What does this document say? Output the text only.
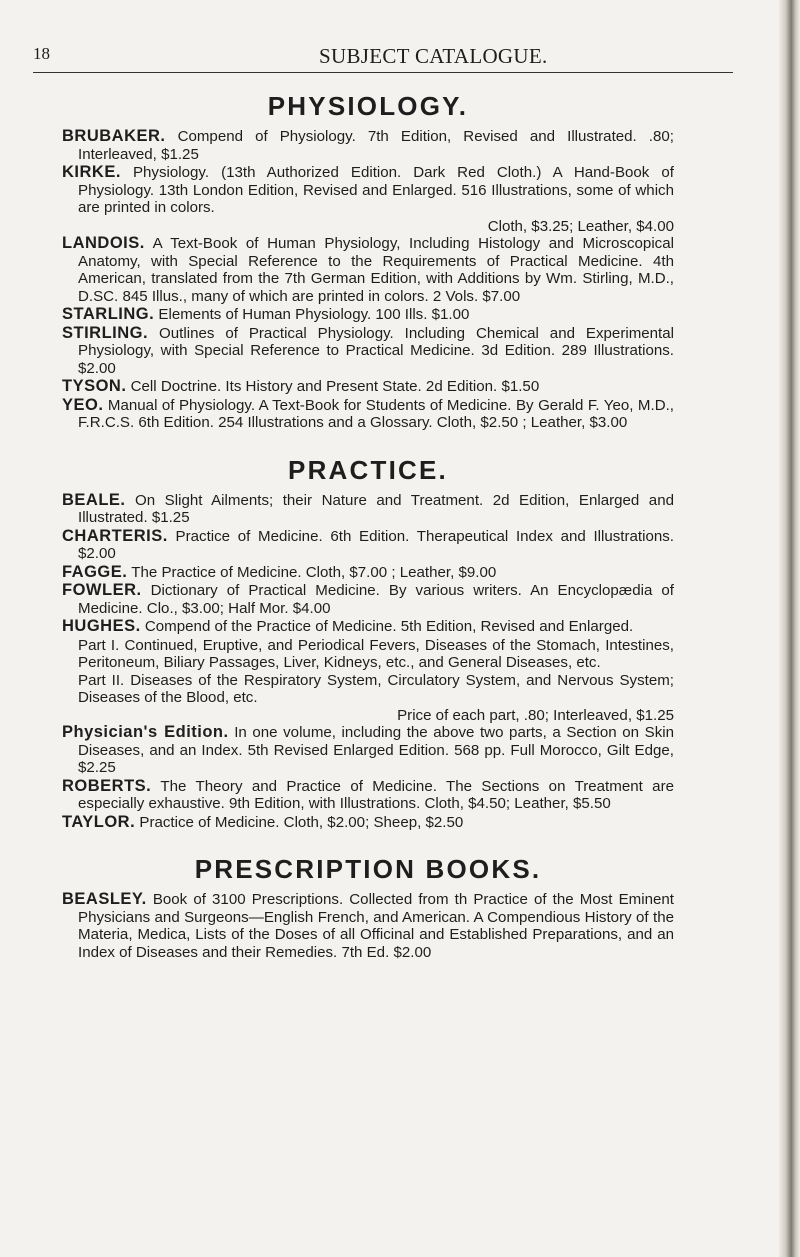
18	SUBJECT CATALOGUE.
PHYSIOLOGY.

BRUBAKER. Compend of Physiology. 7th Edition, Revised and Illustrated. .80; Interleaved, $1.25

KIRKE. Physiology. (13th Authorized Edition. Dark Red Cloth.) A Hand-Book of Physiology. 13th London Edition, Revised and Enlarged. 516 Illustrations, some of which are printed in colors.

Cloth, $3.25; Leather, $4.00

LANDOIS. A Text-Book of Human Physiology, Including Histology and Microscopical Anatomy, with Special Reference to the Requirements of Practical Medicine. 4th American, translated from the 7th German Edition, with Additions by Wm. Stirling, M.D., D.SC. 845 Illus., many of which are printed in colors. 2 Vols. $7.00

STARLING. Elements of Human Physiology. 100 Ills. $1.00

STIRLING. Outlines of Practical Physiology. Including Chemical and Experimental Physiology, with Special Reference to Practical Medicine. 3d Edition. 289 Illustrations. $2.00

TYSON. Cell Doctrine. Its History and Present State. 2d Edition. $1.50

YEO. Manual of Physiology. A Text-Book for Students of Medicine. By Gerald F. Yeo, M.D., F.R.C.S. 6th Edition. 254 Illustrations and a Glossary. Cloth, $2.50 ; Leather, $3.00

PRACTICE.

BEALE. On Slight Ailments; their Nature and Treatment. 2d Edition, Enlarged and Illustrated. $1.25

CHARTERIS. Practice of Medicine. 6th Edition. Therapeutical Index and Illustrations. $2.00

FAGGE. The Practice of Medicine. Cloth, $7.00 ; Leather, $9.00

FOWLER. Dictionary of Practical Medicine. By various writers. An Encyclopædia of Medicine. Clo., $3.00; Half Mor. $4.00

HUGHES. Compend of the Practice of Medicine. 5th Edition, Revised and Enlarged.

Part I. Continued, Eruptive, and Periodical Fevers, Diseases of the Stomach, Intestines, Peritoneum, Biliary Passages, Liver, Kidneys, etc., and General Diseases, etc.

Part II. Diseases of the Respiratory System, Circulatory System, and Nervous System; Diseases of the Blood, etc.

Price of each part, .80; Interleaved, $1.25

Physician's Edition. In one volume, including the above two parts, a Section on Skin Diseases, and an Index. 5th Revised Enlarged Edition. 568 pp. Full Morocco, Gilt Edge, $2.25

ROBERTS. The Theory and Practice of Medicine. The Sections on Treatment are especially exhaustive. 9th Edition, with Illustrations. Cloth, $4.50; Leather, $5.50

TAYLOR. Practice of Medicine. Cloth, $2.00; Sheep, $2.50

PRESCRIPTION BOOKS.

BEASLEY. Book of 3100 Prescriptions. Collected from th Practice of the Most Eminent Physicians and Surgeons—English French, and American. A Compendious History of the Materia, Medica, Lists of the Doses of all Officinal and Established Preparations, and an Index of Diseases and their Remedies. 7th Ed. $2.00
